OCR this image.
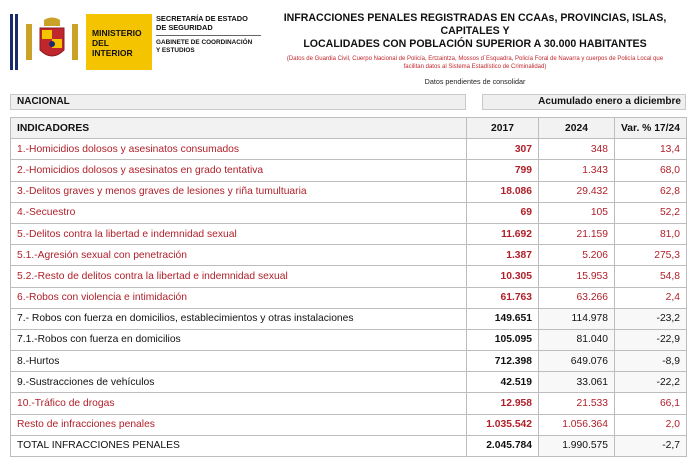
MINISTERIO
DEL INTERIOR
SECRETARÍA DE ESTADO
DE SEGURIDAD
GABINETE DE COORDINACIÓN
Y ESTUDIOS
INFRACCIONES PENALES REGISTRADAS EN CCAAs, PROVINCIAS, ISLAS, CAPITALES Y
LOCALIDADES CON POBLACIÓN SUPERIOR A 30.000 HABITANTES
(Datos de Guardia Civil, Cuerpo Nacional de Policía, Ertzaintza, Mossos d´Esquadra, Policía Foral de Navarra y cuerpos de Policía Local que
facilitan datos al Sistema Estadístico de Criminalidad)
Datos pendientes de consolidar
NACIONAL	Acumulado enero a diciembre
INDICADORES	2017	2024	Var. % 17/24
1.-Homicidios dolosos y asesinatos consumados	307	348	13,4
2.-Homicidios dolosos y asesinatos en grado tentativa	799	1.343	68,0
3.-Delitos graves y menos graves de lesiones y riña tumultuaria	18.086	29.432	62,8
4.-Secuestro	69	105	52,2
5.-Delitos contra la libertad e indemnidad sexual	11.692	21.159	81,0
5.1.-Agresión sexual con penetración	1.387	5.206	275,3
5.2.-Resto de delitos contra la libertad e indemnidad sexual	10.305	15.953	54,8
6.-Robos con violencia e intimidación	61.763	63.266	2,4
7.- Robos con fuerza en domicilios, establecimientos y otras instalaciones	149.651	114.978	-23,2
7.1.-Robos con fuerza en domicilios	105.095	81.040	-22,9
8.-Hurtos	712.398	649.076	-8,9
9.-Sustracciones de vehículos	42.519	33.061	-22,2
10.-Tráfico de drogas	12.958	21.533	66,1
Resto de infracciones penales	1.035.542	1.056.364	2,0
TOTAL INFRACCIONES PENALES	2.045.784	1.990.575	-2,7
